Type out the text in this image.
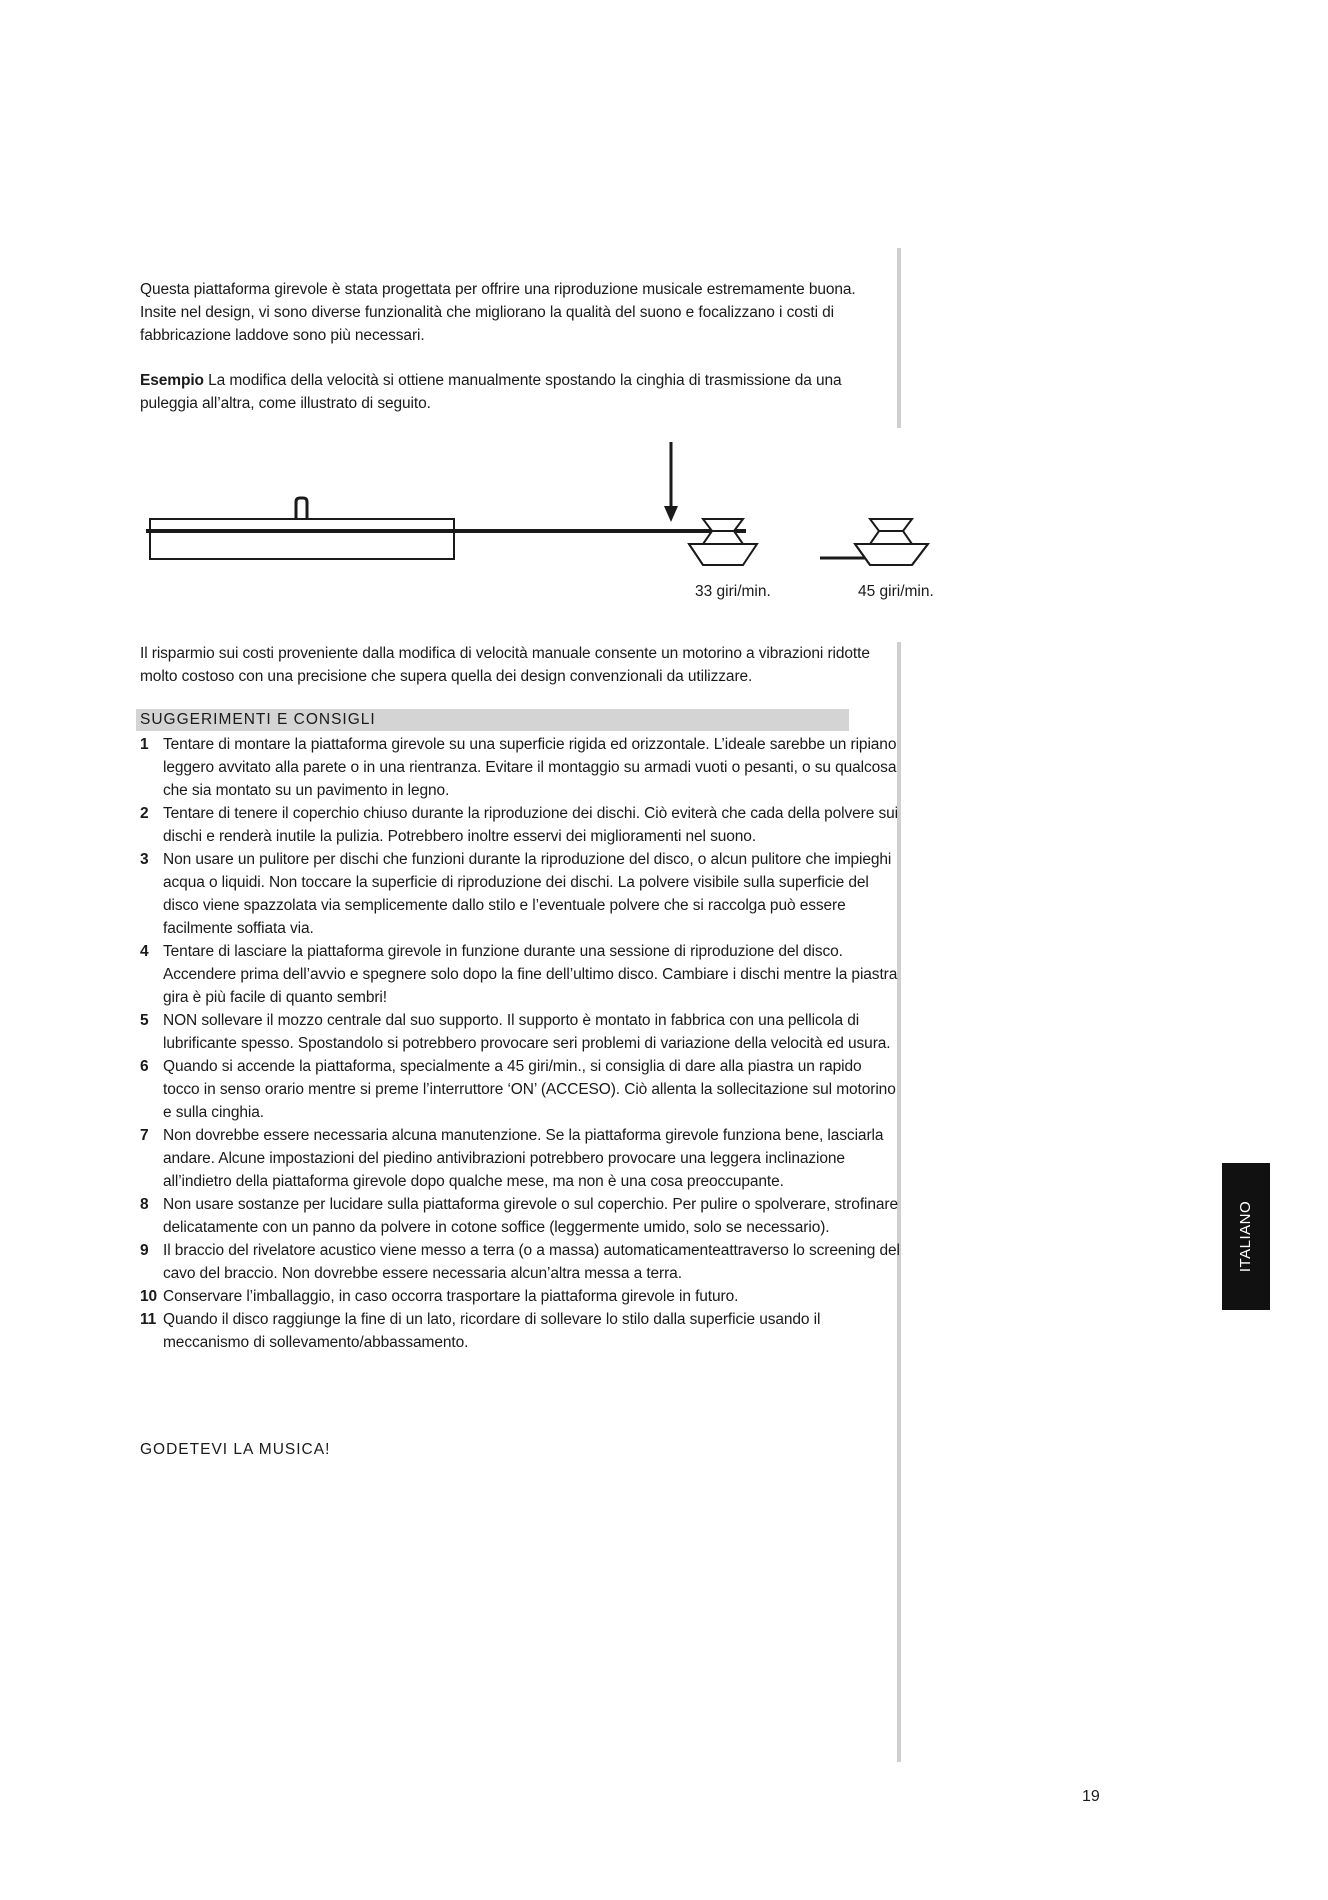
Questa piattaforma girevole è stata progettata per offrire una riproduzione musicale estremamente buona. Insite nel design, vi sono diverse funzionalità che migliorano la qualità del suono e focalizzano i costi di fabbricazione laddove sono più necessari.

Esempio La modifica della velocità si ottiene manualmente spostando la cinghia di trasmissione da una puleggia all’altra, come illustrato di seguito.

33 giri/min.	45 giri/min.

Il risparmio sui costi proveniente dalla modifica di velocità manuale consente un motorino a vibrazioni ridotte molto costoso con una precisione che supera quella dei design convenzionali da utilizzare.

SUGGERIMENTI E CONSIGLI
1 Tentare di montare la piattaforma girevole su una superficie rigida ed orizzontale. L’ideale sarebbe un ripiano leggero avvitato alla parete o in una rientranza. Evitare il montaggio su armadi vuoti o pesanti, o su qualcosa che sia montato su un pavimento in legno.
2 Tentare di tenere il coperchio chiuso durante la riproduzione dei dischi. Ciò eviterà che cada della polvere sui dischi e renderà inutile la pulizia. Potrebbero inoltre esservi dei miglioramenti nel suono.
3 Non usare un pulitore per dischi che funzioni durante la riproduzione del disco, o alcun pulitore che impieghi acqua o liquidi. Non toccare la superficie di riproduzione dei dischi. La polvere visibile sulla superficie del disco viene spazzolata via semplicemente dallo stilo e l’eventuale polvere che si raccolga può essere facilmente soffiata via.
4 Tentare di lasciare la piattaforma girevole in funzione durante una sessione di riproduzione del disco. Accendere prima dell’avvio e spegnere solo dopo la fine dell’ultimo disco. Cambiare i dischi mentre la piastra gira è più facile di quanto sembri!
5 NON sollevare il mozzo centrale dal suo supporto. Il supporto è montato in fabbrica con una pellicola di lubrificante spesso. Spostandolo si potrebbero provocare seri problemi di variazione della velocità ed usura.
6 Quando si accende la piattaforma, specialmente a 45 giri/min., si consiglia di dare alla piastra un rapido tocco in senso orario mentre si preme l’interruttore ‘ON’ (ACCESO). Ciò allenta la sollecitazione sul motorino e sulla cinghia.
7 Non dovrebbe essere necessaria alcuna manutenzione. Se la piattaforma girevole funziona bene, lasciarla andare. Alcune impostazioni del piedino antivibrazioni potrebbero provocare una leggera inclinazione all’indietro della piattaforma girevole dopo qualche mese, ma non è una cosa preoccupante.
8 Non usare sostanze per lucidare sulla piattaforma girevole o sul coperchio. Per pulire o spolverare, strofinare delicatamente con un panno da polvere in cotone soffice (leggermente umido, solo se necessario).
9 Il braccio del rivelatore acustico viene messo a terra (o a massa) automaticamenteattraverso lo screening del cavo del braccio. Non dovrebbe essere necessaria alcun’altra messa a terra.
10 Conservare l’imballaggio, in caso occorra trasportare la piattaforma girevole in futuro.
11 Quando il disco raggiunge la fine di un lato, ricordare di sollevare lo stilo dalla superficie usando il meccanismo di sollevamento/abbassamento.
GODETEVI LA MUSICA!
ITALIANO
19
